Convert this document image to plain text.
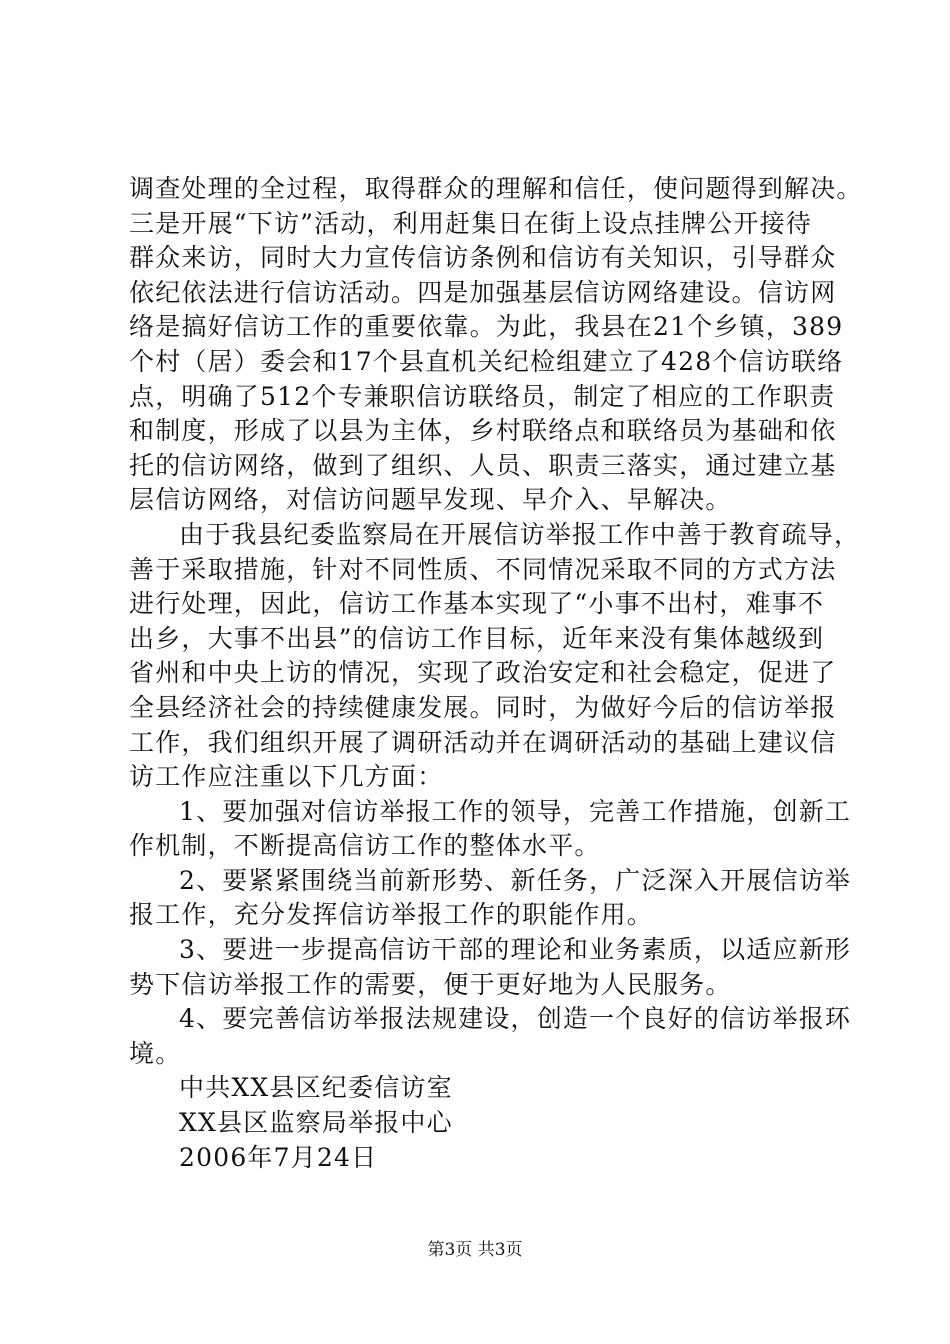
调查处理的全过程，取得群众的理解和信任，使问题得到解决。
三是开展“下访”活动，利用赶集日在街上设点挂牌公开接待
群众来访，同时大力宣传信访条例和信访有关知识，引导群众
依纪依法进行信访活动。四是加强基层信访网络建设。信访网
络是搞好信访工作的重要依靠。为此，我县在21个乡镇，389
个村（居）委会和17个县直机关纪检组建立了428个信访联络
点，明确了512个专兼职信访联络员，制定了相应的工作职责
和制度，形成了以县为主体，乡村联络点和联络员为基础和依
托的信访网络，做到了组织、人员、职责三落实，通过建立基
层信访网络，对信访问题早发现、早介入、早解决。
由于我县纪委监察局在开展信访举报工作中善于教育疏导，
善于采取措施，针对不同性质、不同情况采取不同的方式方法
进行处理，因此，信访工作基本实现了“小事不出村，难事不
出乡，大事不出县”的信访工作目标，近年来没有集体越级到
省州和中央上访的情况，实现了政治安定和社会稳定，促进了
全县经济社会的持续健康发展。同时，为做好今后的信访举报
工作，我们组织开展了调研活动并在调研活动的基础上建议信
访工作应注重以下几方面：
1、要加强对信访举报工作的领导，完善工作措施，创新工
作机制，不断提高信访工作的整体水平。
2、要紧紧围绕当前新形势、新任务，广泛深入开展信访举
报工作，充分发挥信访举报工作的职能作用。
3、要进一步提高信访干部的理论和业务素质，以适应新形
势下信访举报工作的需要，便于更好地为人民服务。
4、要完善信访举报法规建设，创造一个良好的信访举报环
境。
中共XX县区纪委信访室
XX县区监察局举报中心
2006年7月24日
第3页 共3页
